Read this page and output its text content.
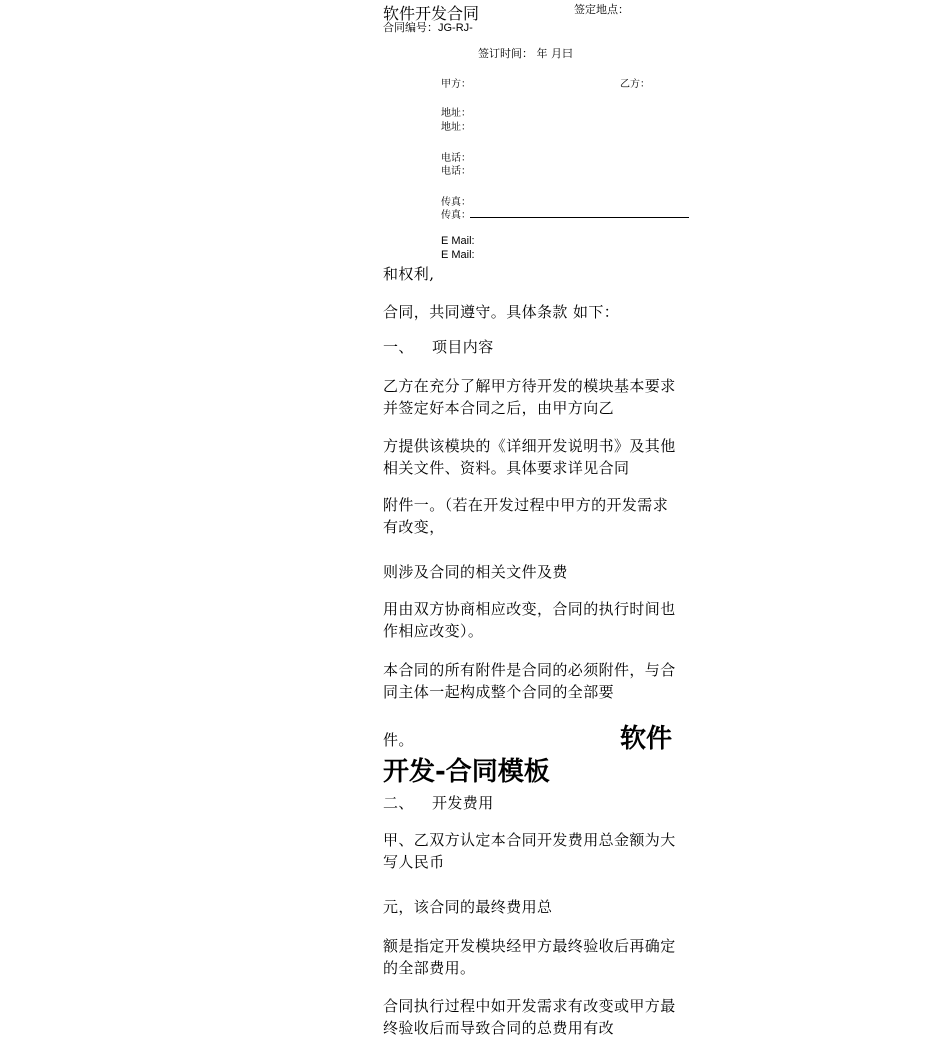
软件开发合同	签定地点：
合同编号：JG-RJ-
签订时间： 年 月曰
甲方：	乙方：
地址：
地址：
电话：
电话：
传真：
传真：
E Mail:
E Mail:
和权利,
合同，共同遵守。具体条款 如下：
一、 项目内容
乙方在充分了解甲方待开发的模块基本要求并签定好本合同之后，由甲方向乙
方提供该模块的《详细开发说明书》及其他相关文件、资料。具体要求详见合同
附件一。（若在开发过程中甲方的开发需求有改变，
则涉及合同的相关文件及费
用由双方协商相应改变，合同的执行时间也作相应改变）。
本合同的所有附件是合同的必须附件，与合同主体一起构成整个合同的全部要
件。	软件
开发-合同模板
二、 开发费用
甲、乙双方认定本合同开发费用总金额为大写人民币
元，该合同的最终费用总
额是指定开发模块经甲方最终验收后再确定的全部费用。
合同执行过程中如开发需求有改变或甲方最终验收后而导致合同的总费用有改
